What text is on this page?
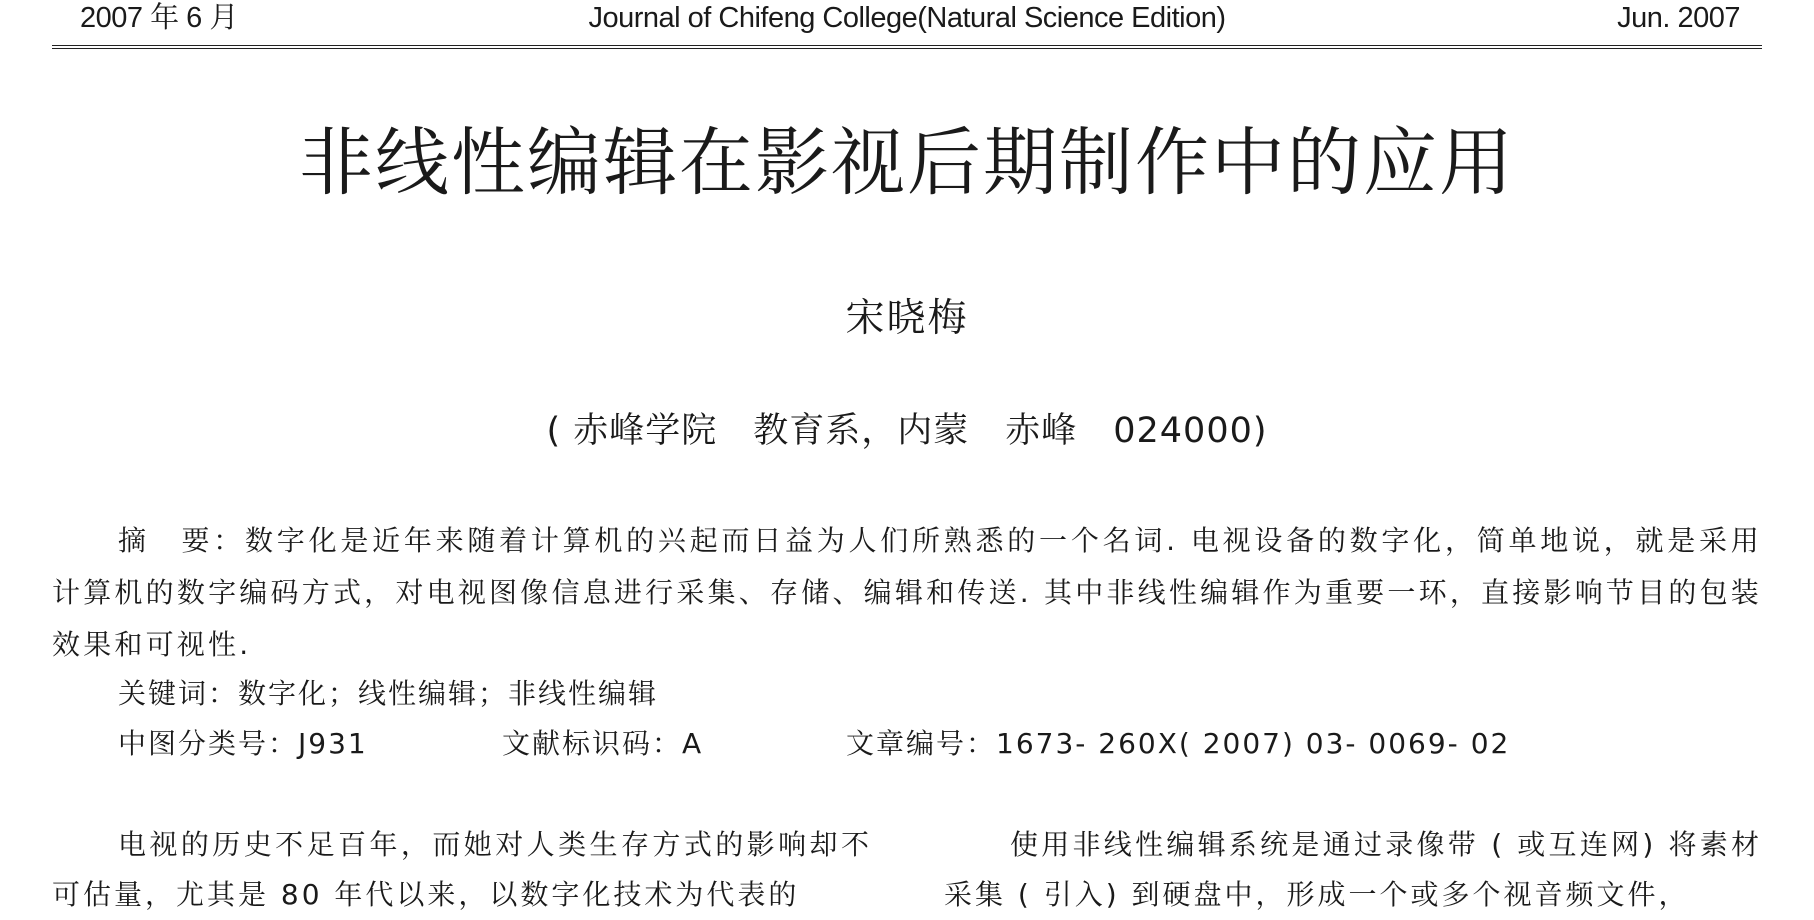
2007 年 6 月	Journal of Chifeng College(Natural Science Edition)	Jun. 2007
非线性编辑在影视后期制作中的应用
宋晓梅
( 赤峰学院　教育系，内蒙　赤峰　024000)
摘　要：数字化是近年来随着计算机的兴起而日益为人们所熟悉的一个名词. 电视设备的数字化，简单地说，就是采用计算机的数字编码方式，对电视图像信息进行采集、存储、编辑和传送. 其中非线性编辑作为重要一环，直接影响节目的包装效果和可视性.
关键词：数字化；线性编辑；非线性编辑
中图分类号：J931	文献标识码：A	文章编号：1673- 260X( 2007) 03- 0069- 02
电视的历史不足百年，而她对人类生存方式的影响却不可估量，尤其是 80 年代以来，以数字化技术为代表的
使用非线性编辑系统是通过录像带 ( 或互连网) 将素材采集 ( 引入) 到硬盘中，形成一个或多个视音频文件，
